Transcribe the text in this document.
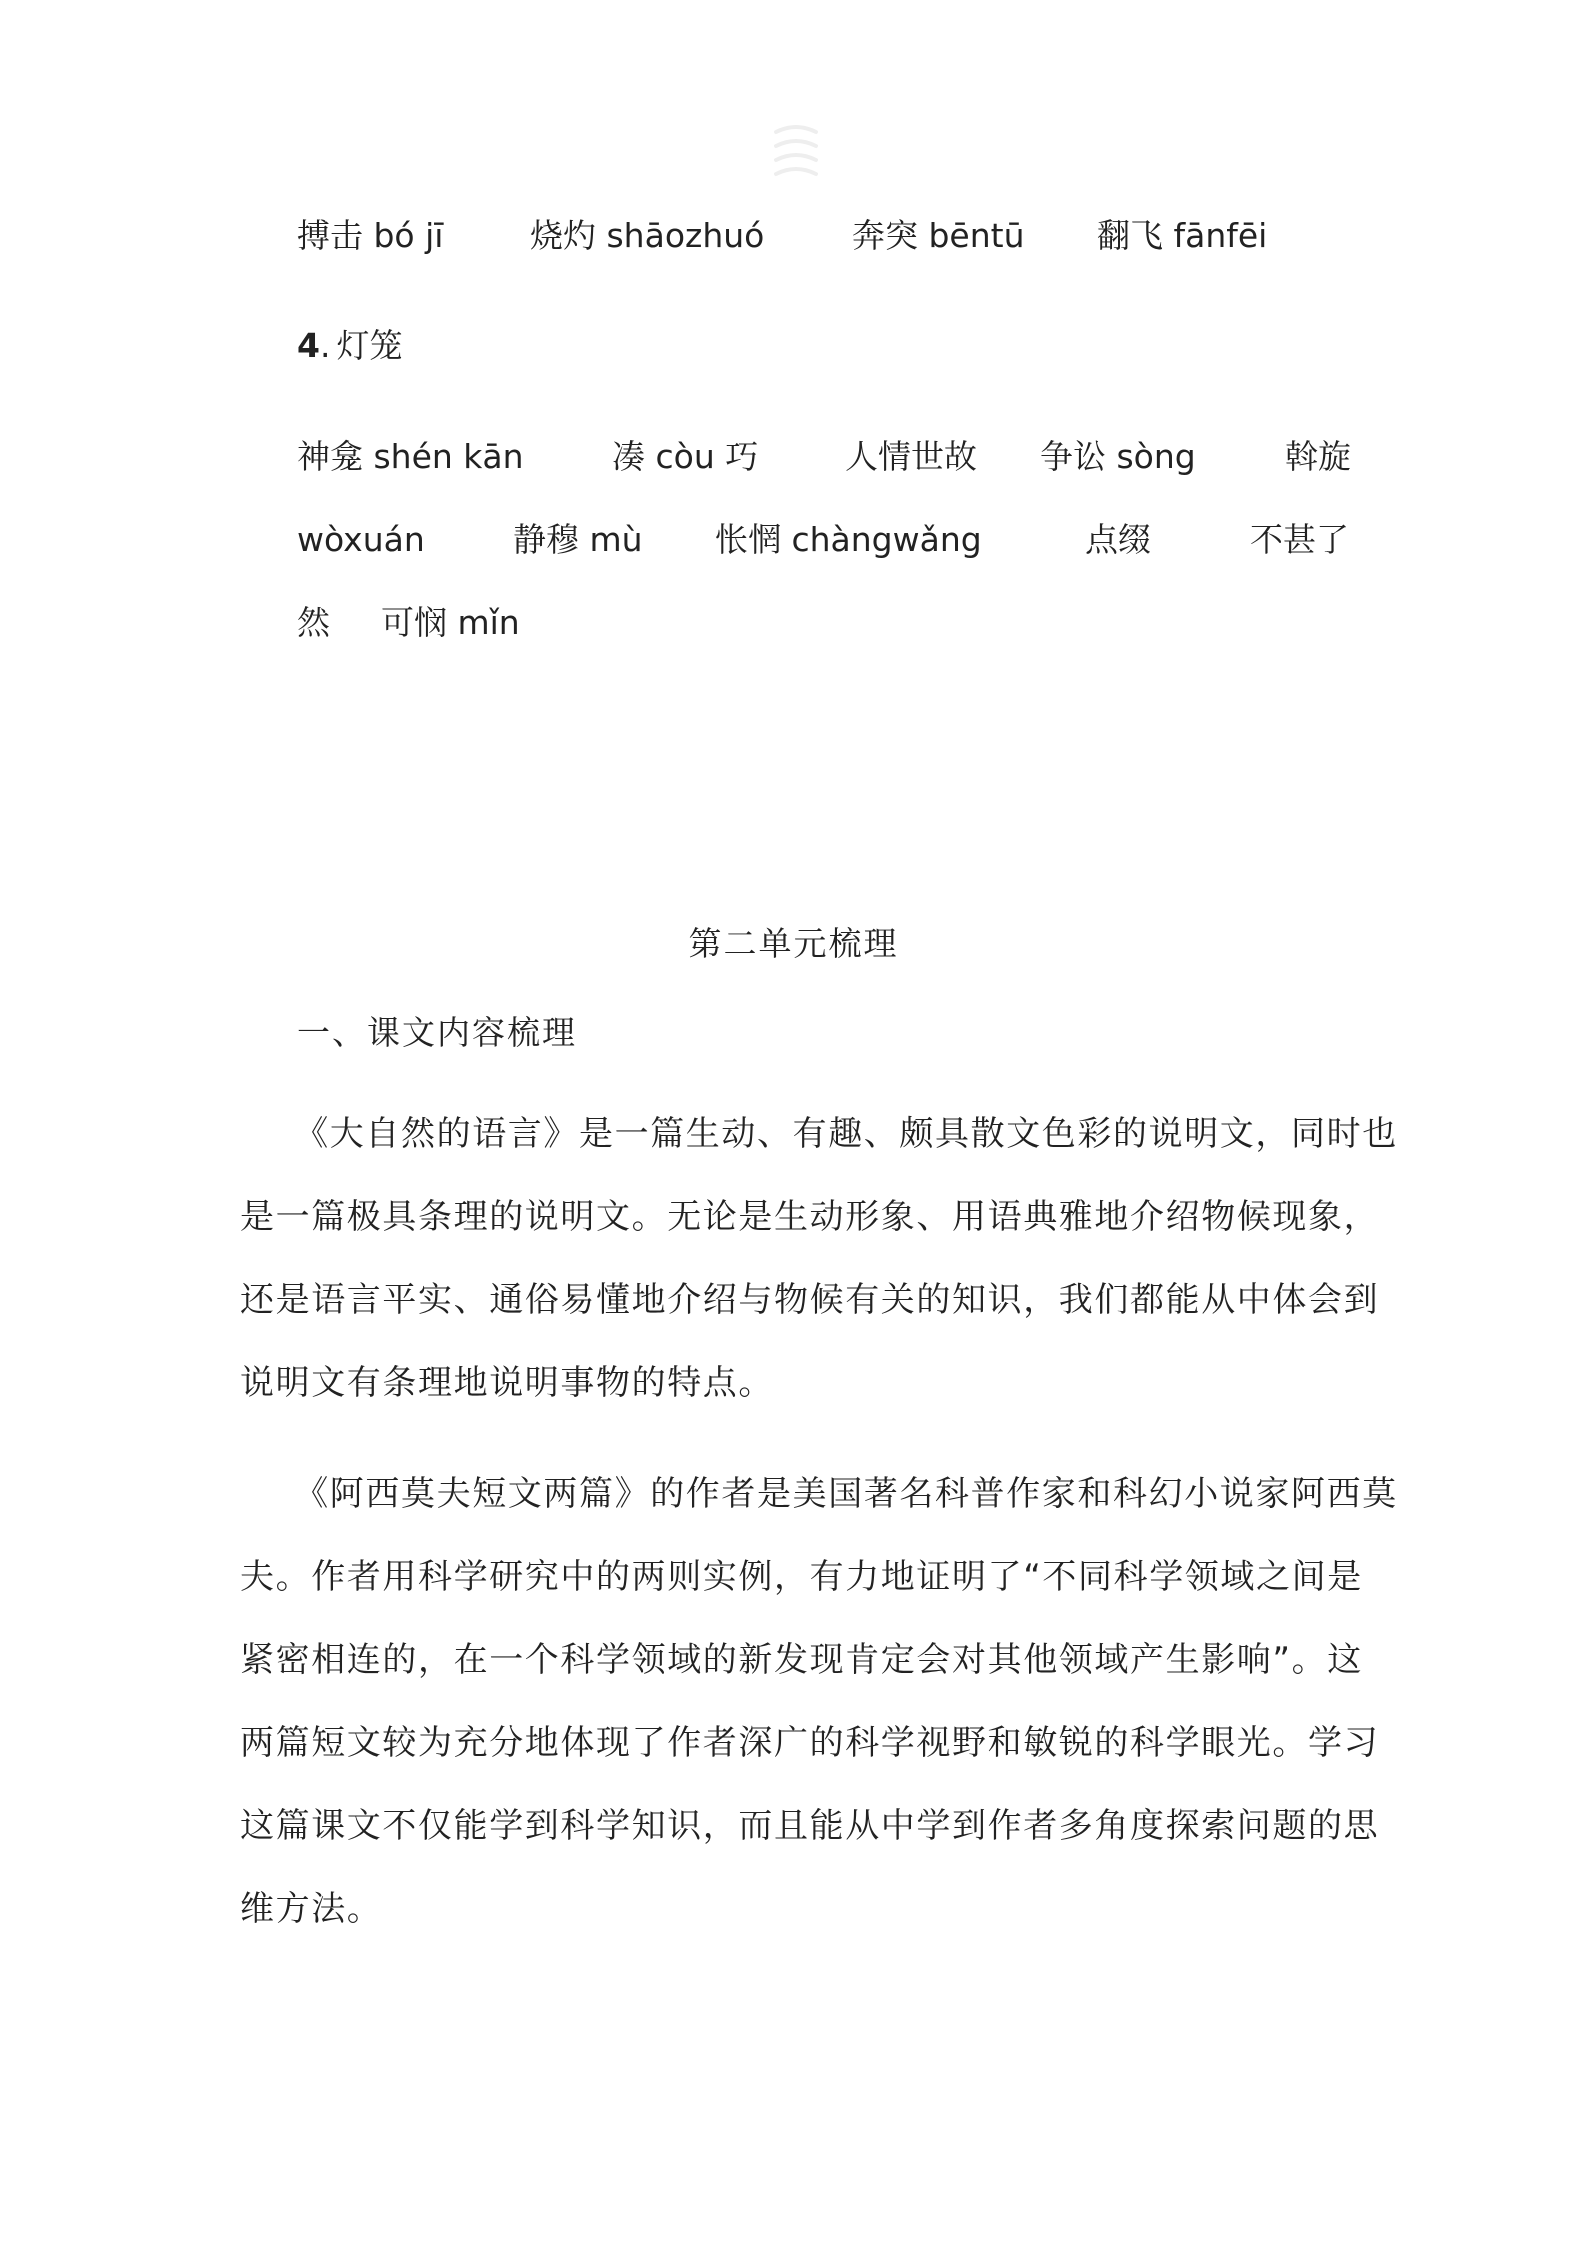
搏击 bó jī	烧灼 shāozhuó	奔突 bēntū 翻飞 fānfēi
4. 灯笼
神龛 shén kān	凑 còu 巧	人情世故 争讼 sòng	斡旋
wòxuán	静穆 mù 怅惘 chàngwǎng	点缀	不甚了
然 可悯 mǐn
第二单元梳理
一、课文内容梳理
　　《大自然的语言》是一篇生动、有趣、颇具散文色彩的说明文，同时也
是一篇极具条理的说明文。无论是生动形象、用语典雅地介绍物候现象，
还是语言平实、通俗易懂地介绍与物候有关的知识，我们都能从中体会到
说明文有条理地说明事物的特点。
　　《阿西莫夫短文两篇》的作者是美国著名科普作家和科幻小说家阿西莫
夫。作者用科学研究中的两则实例，有力地证明了“不同科学领域之间是
紧密相连的，在一个科学领域的新发现肯定会对其他领域产生影响”。这
两篇短文较为充分地体现了作者深广的科学视野和敏锐的科学眼光。学习
这篇课文不仅能学到科学知识，而且能从中学到作者多角度探索问题的思
维方法。
